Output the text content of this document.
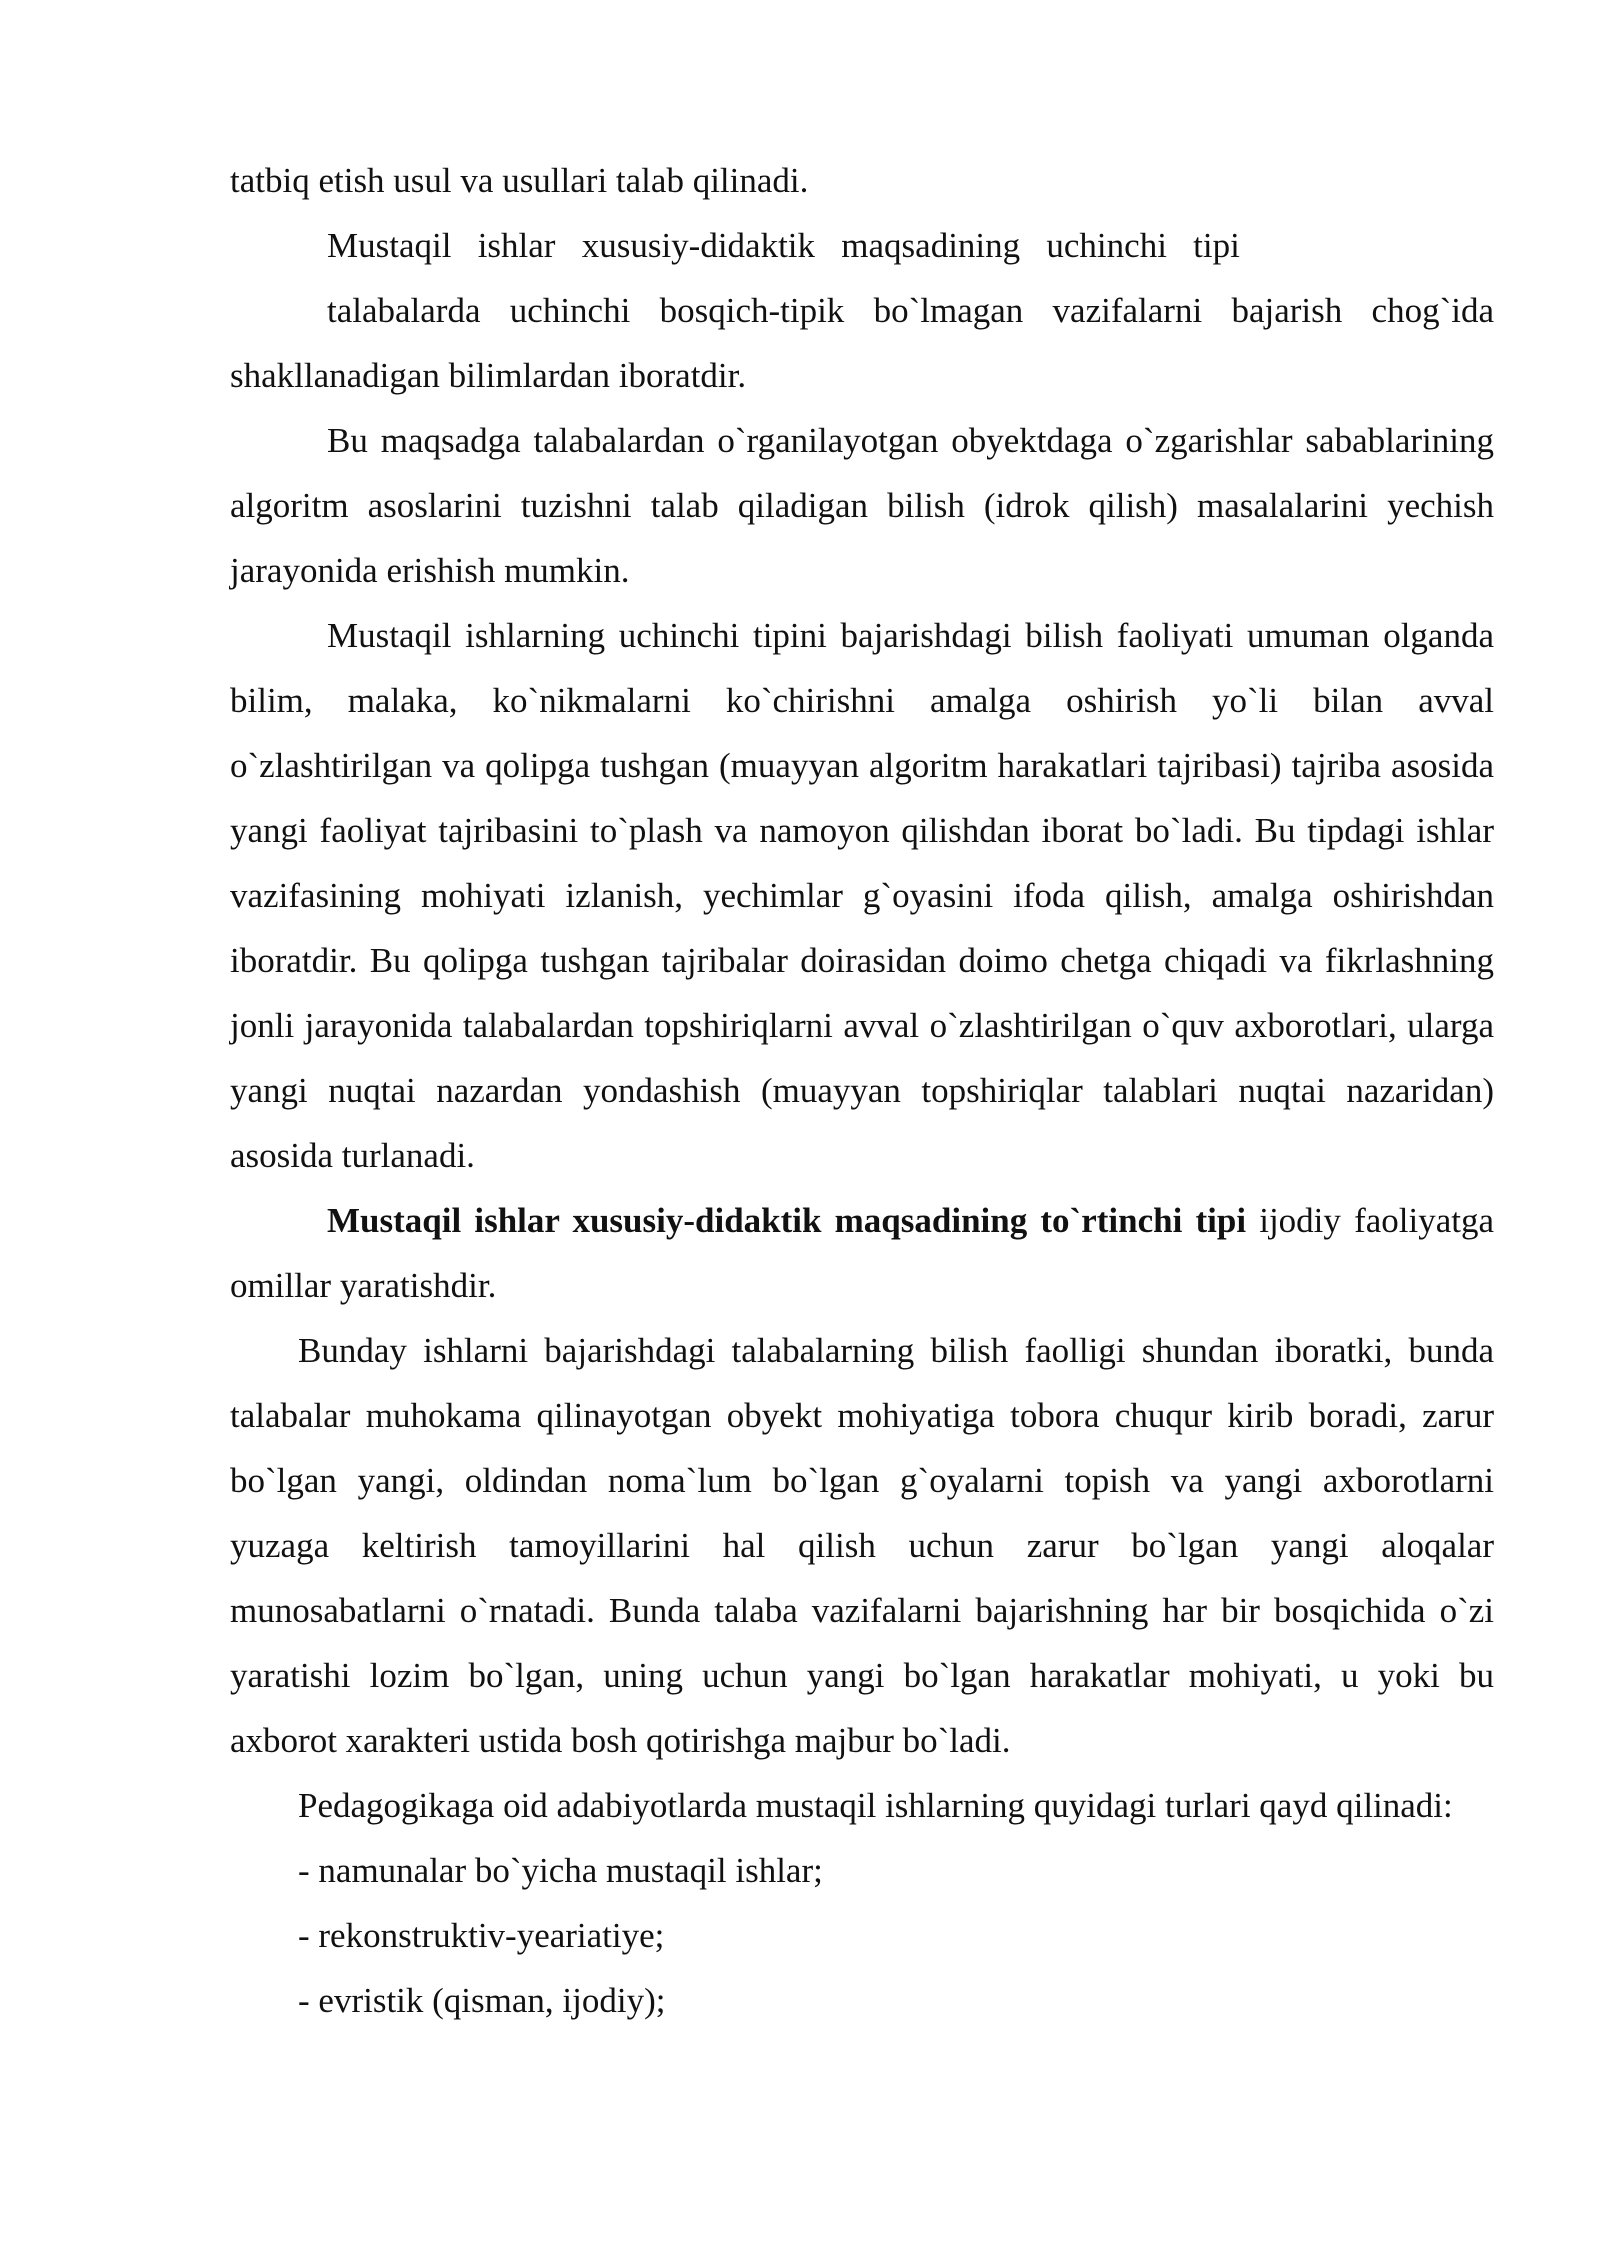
tatbiq etish usul va usullari talab qilinadi.

Mustaqil   ishlar   xususiy-didaktik   maqsadining   uchinchi   tipi

talabalarda uchinchi bosqich-tipik bo`lmagan vazifalarni bajarish chog`ida shakllanadigan bilimlardan iboratdir.

Bu maqsadga talabalardan o`rganilayotgan obyektdaga o`zgarishlar sabablarining algoritm asoslarini tuzishni talab qiladigan bilish (idrok qilish) masalalarini yechish jarayonida erishish mumkin.

Mustaqil ishlarning uchinchi tipini bajarishdagi bilish faoliyati umuman olganda bilim, malaka, ko`nikmalarni ko`chirishni amalga oshirish yo`li bilan avval o`zlashtirilgan va qolipga tushgan (muayyan algoritm harakatlari tajribasi) tajriba asosida yangi faoliyat tajribasini to`plash va namoyon qilishdan iborat bo`ladi. Bu tipdagi ishlar vazifasining mohiyati izlanish, yechimlar g`oyasini ifoda qilish, amalga oshirishdan iboratdir. Bu qolipga tushgan tajribalar doirasidan doimo chetga chiqadi va fikrlashning jonli jarayonida talabalardan topshiriqlarni avval o`zlashtirilgan o`quv axborotlari, ularga yangi nuqtai nazardan yondashish (muayyan topshiriqlar talablari nuqtai nazaridan) asosida turlanadi.

Mustaqil ishlar xususiy-didaktik maqsadining to`rtinchi tipi ijodiy faoliyatga omillar yaratishdir.

Bunday ishlarni bajarishdagi talabalarning bilish faolligi shundan iboratki, bunda talabalar muhokama qilinayotgan obyekt mohiyatiga tobora chuqur kirib boradi, zarur bo`lgan yangi, oldindan noma`lum bo`lgan g`oyalarni topish va yangi axborotlarni yuzaga keltirish tamoyillarini hal qilish uchun zarur bo`lgan yangi aloqalar munosabatlarni o`rnatadi. Bunda talaba vazifalarni bajarishning har bir bosqichida o`zi yaratishi lozim bo`lgan, uning uchun yangi bo`lgan harakatlar mohiyati, u yoki bu axborot xarakteri ustida bosh qotirishga majbur bo`ladi.

Pedagogikaga oid adabiyotlarda mustaqil ishlarning quyidagi turlari qayd qilinadi:

- namunalar bo`yicha mustaqil ishlar;
- rekonstruktiv-yeariatiye;
- evristik (qisman, ijodiy);
